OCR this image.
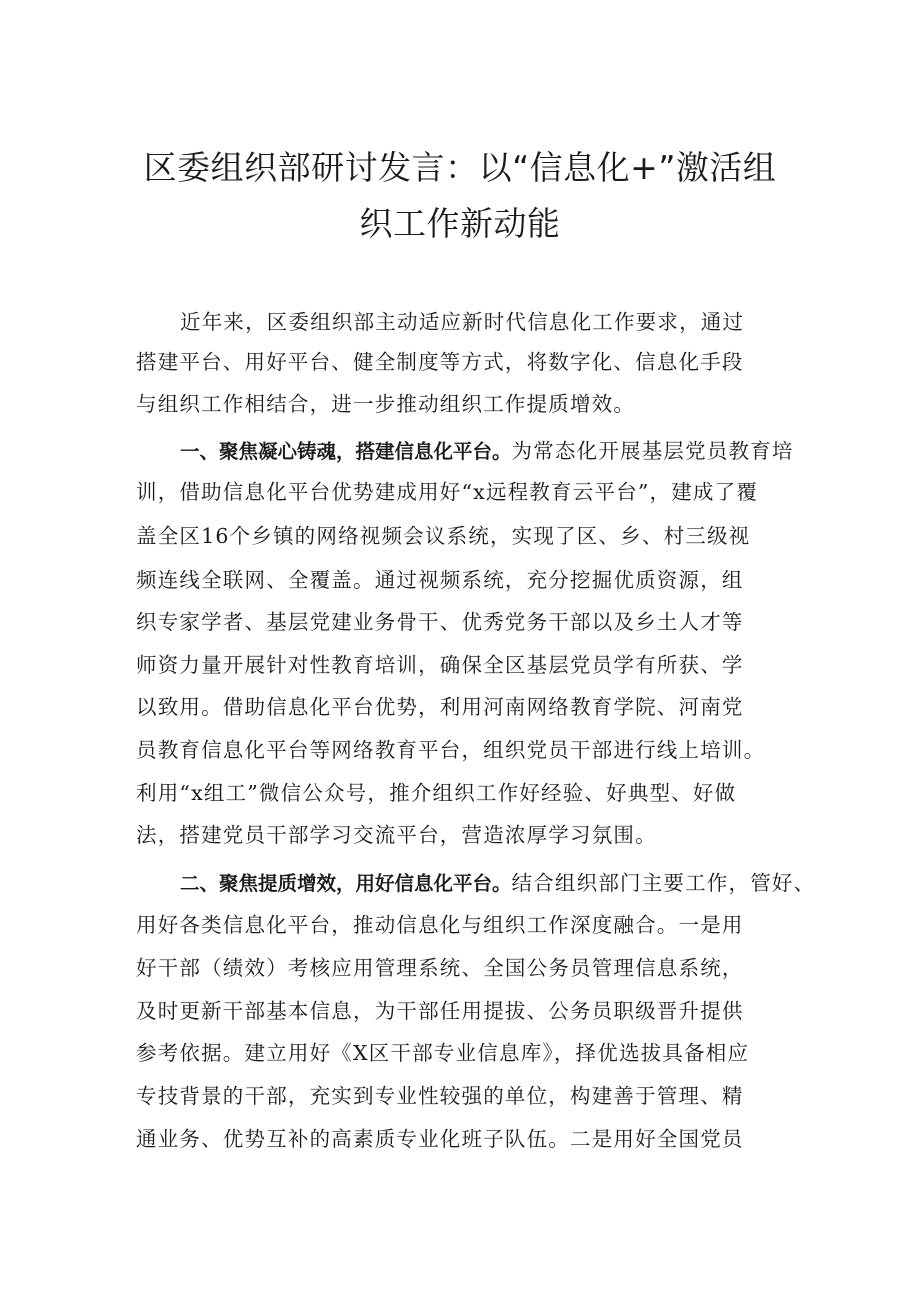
区委组织部研讨发言：以“信息化+”激活组
织工作新动能
近年来，区委组织部主动适应新时代信息化工作要求，通过
搭建平台、用好平台、健全制度等方式，将数字化、信息化手段
与组织工作相结合，进一步推动组织工作提质增效。
一、聚焦凝心铸魂，搭建信息化平台。为常态化开展基层党员教育培
训，借助信息化平台优势建成用好“x远程教育云平台”，建成了覆
盖全区16个乡镇的网络视频会议系统，实现了区、乡、村三级视
频连线全联网、全覆盖。通过视频系统，充分挖掘优质资源，组
织专家学者、基层党建业务骨干、优秀党务干部以及乡土人才等
师资力量开展针对性教育培训，确保全区基层党员学有所获、学
以致用。借助信息化平台优势，利用河南网络教育学院、河南党
员教育信息化平台等网络教育平台，组织党员干部进行线上培训。
利用“x组工”微信公众号，推介组织工作好经验、好典型、好做
法，搭建党员干部学习交流平台，营造浓厚学习氛围。
二、聚焦提质增效，用好信息化平台。结合组织部门主要工作，管好、
用好各类信息化平台，推动信息化与组织工作深度融合。一是用
好干部（绩效）考核应用管理系统、全国公务员管理信息系统，
及时更新干部基本信息，为干部任用提拔、公务员职级晋升提供
参考依据。建立用好《X区干部专业信息库》，择优选拔具备相应
专技背景的干部，充实到专业性较强的单位，构建善于管理、精
通业务、优势互补的高素质专业化班子队伍。二是用好全国党员
